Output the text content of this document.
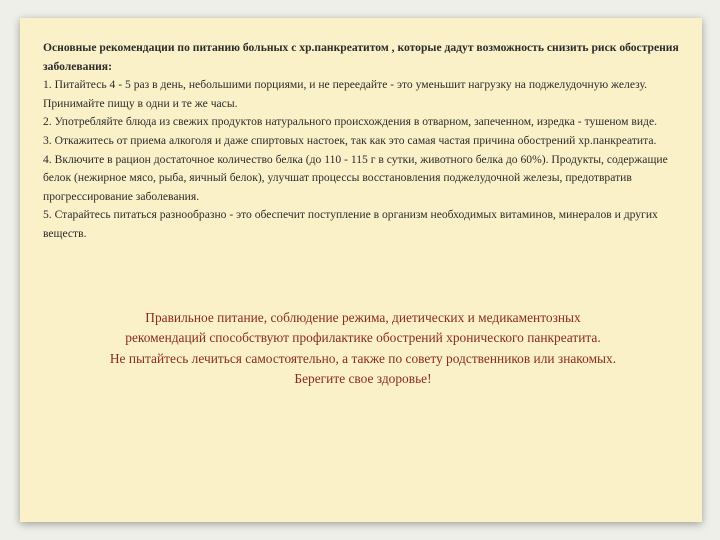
Основные рекомендации по питанию больных с хр.панкреатитом , которые дадут возможность снизить риск обострения заболевания:

1. Питайтесь 4 - 5 раз в день, небольшими порциями, и не переедайте - это уменьшит нагрузку на поджелудочную железу. Принимайте пищу в одни и те же часы.

2. Употребляйте блюда из свежих продуктов натурального происхождения в отварном, запеченном, изредка - тушеном виде.

3. Откажитесь от приема алкоголя и даже спиртовых настоек, так как это самая частая причина обострений хр.панкреатита.

4. Включите в рацион достаточное количество белка (до 110 - 115 г в сутки, животного белка до 60%). Продукты, содержащие белок (нежирное мясо, рыба, яичный белок), улучшат процессы восстановления поджелудочной железы, предотвратив прогрессирование заболевания.

5. Старайтесь питаться разнообразно - это обеспечит поступление в организм необходимых витаминов, минералов и других веществ.

Правильное питание, соблюдение режима, диетических и медикаментозных

рекомендаций способствуют профилактике обострений хронического панкреатита.

Не пытайтесь лечиться самостоятельно, а также по совету родственников или знакомых.

Берегите свое здоровье!
